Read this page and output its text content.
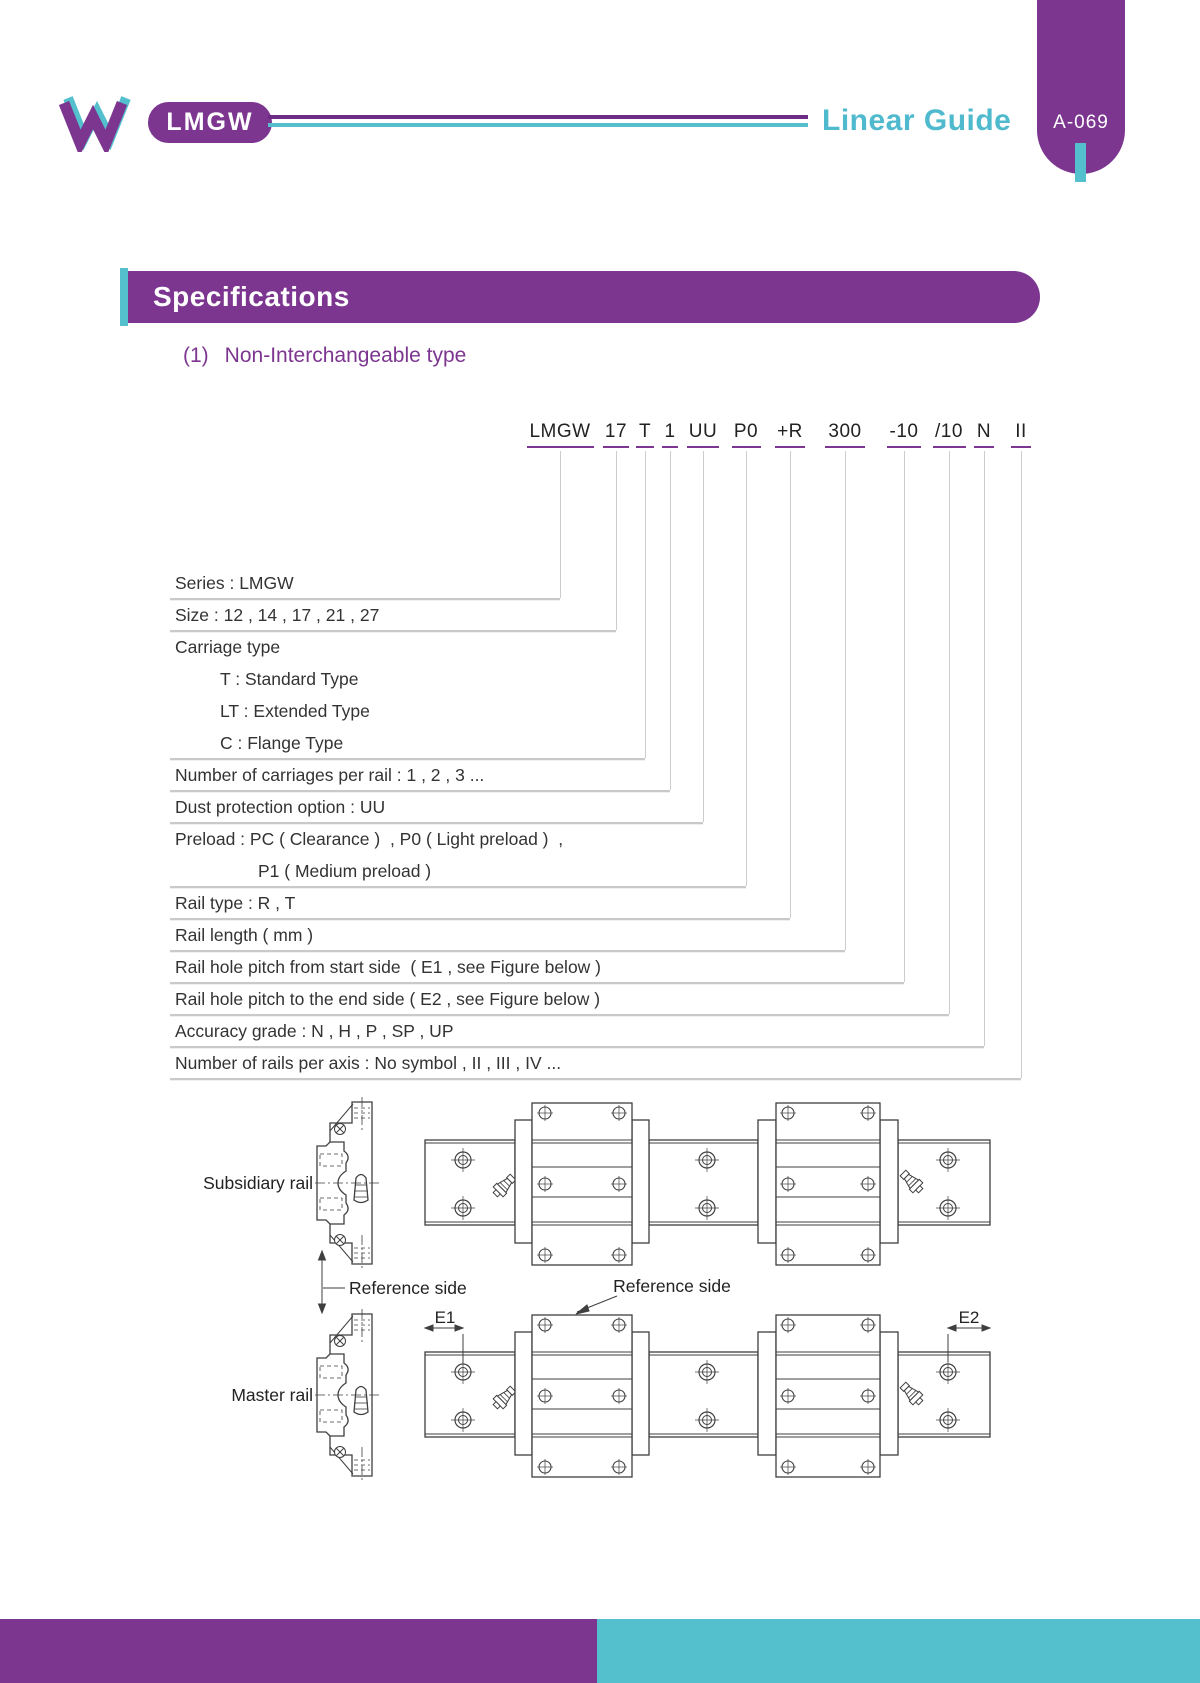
LMGW	Linear Guide	A-069
Specifications
(1) Non-Interchangeable type
LMGW 17 T 1 UU P0 +R 300 -10 /10 N II
Series : LMGW
Size : 12 , 14 , 17 , 21 , 27
Carriage type
T : Standard Type
LT : Extended Type
C : Flange Type
Number of carriages per rail : 1 , 2 , 3 ...
Dust protection option : UU
Preload : PC ( Clearance )  , P0 ( Light preload )  ,
P1 ( Medium preload )
Rail type : R , T
Rail length ( mm )
Rail hole pitch from start side  ( E1 , see Figure below )
Rail hole pitch to the end side ( E2 , see Figure below )
Accuracy grade : N , H , P , SP , UP
Number of rails per axis : No symbol , II , III , IV ...
Subsidiary rail
Master rail
Reference side	Reference side
E1	E2
